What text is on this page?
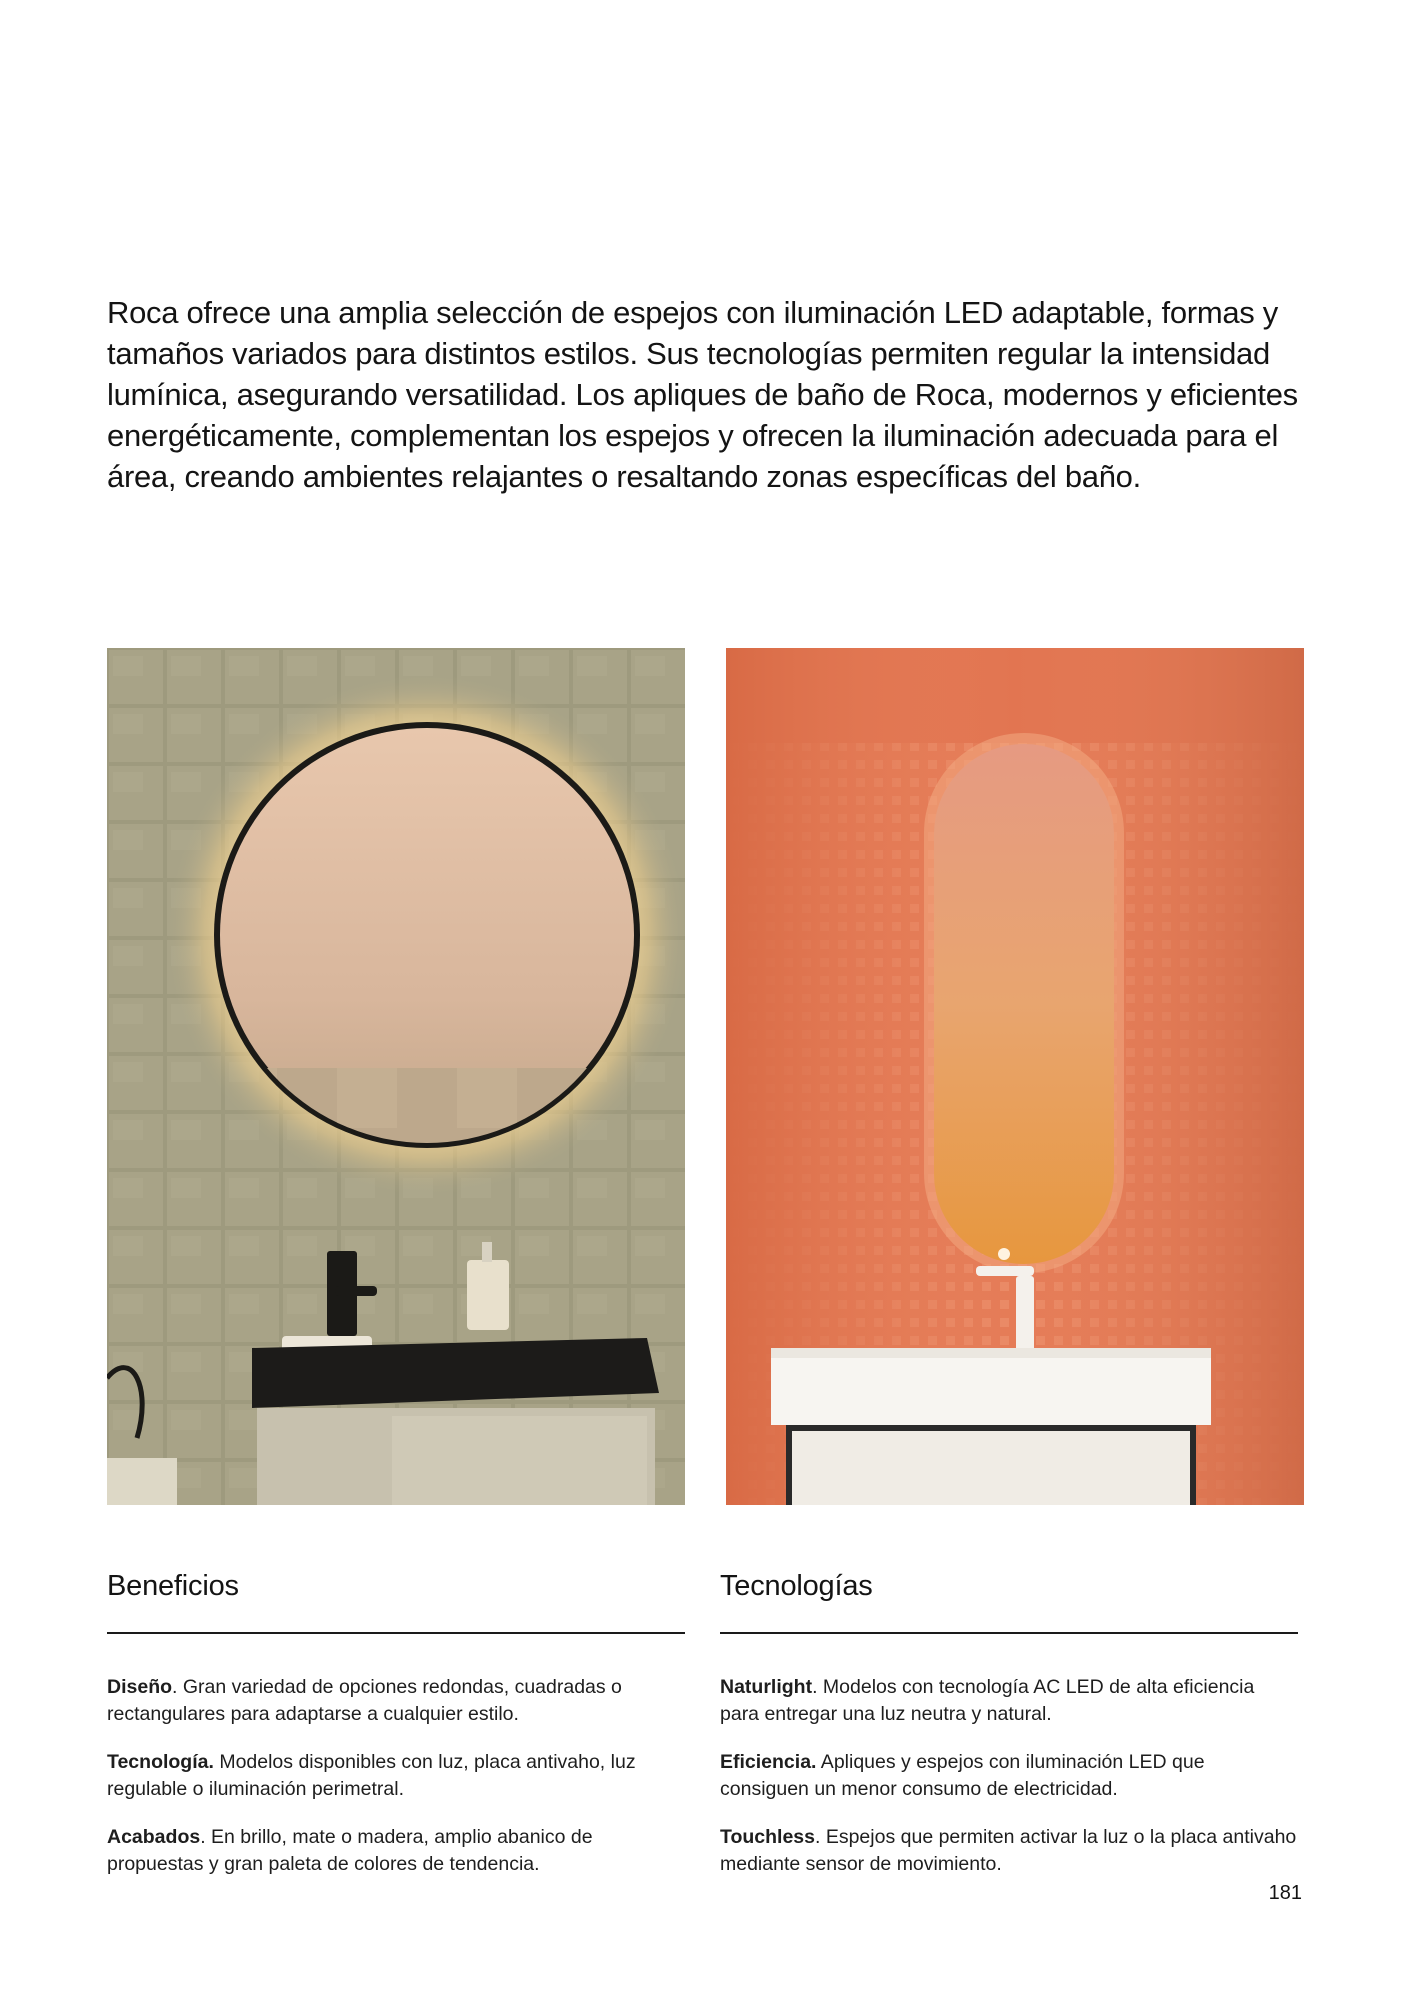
Roca ofrece una amplia selección de espejos con iluminación LED adaptable, formas y tamaños variados para distintos estilos. Sus tecnologías permiten regular la intensidad lumínica, asegurando versatilidad. Los apliques de baño de Roca, modernos y eficientes energéticamente, complementan los espejos y ofrecen la iluminación adecuada para el área, creando ambientes relajantes o resaltando zonas específicas del baño.

Beneficios

Diseño. Gran variedad de opciones redondas, cuadradas o rectangulares para adaptarse a cualquier estilo.

Tecnología. Modelos disponibles con luz, placa antivaho, luz regulable o iluminación perimetral.

Acabados. En brillo, mate o madera, amplio abanico de propuestas y gran paleta de colores de tendencia.

Tecnologías

Naturlight. Modelos con tecnología AC LED de alta eficiencia para entregar una luz neutra y natural.

Eficiencia. Apliques y espejos con iluminación LED que consiguen un menor consumo de electricidad.

Touchless. Espejos que permiten activar la luz o la placa antivaho mediante sensor de movimiento.

181
